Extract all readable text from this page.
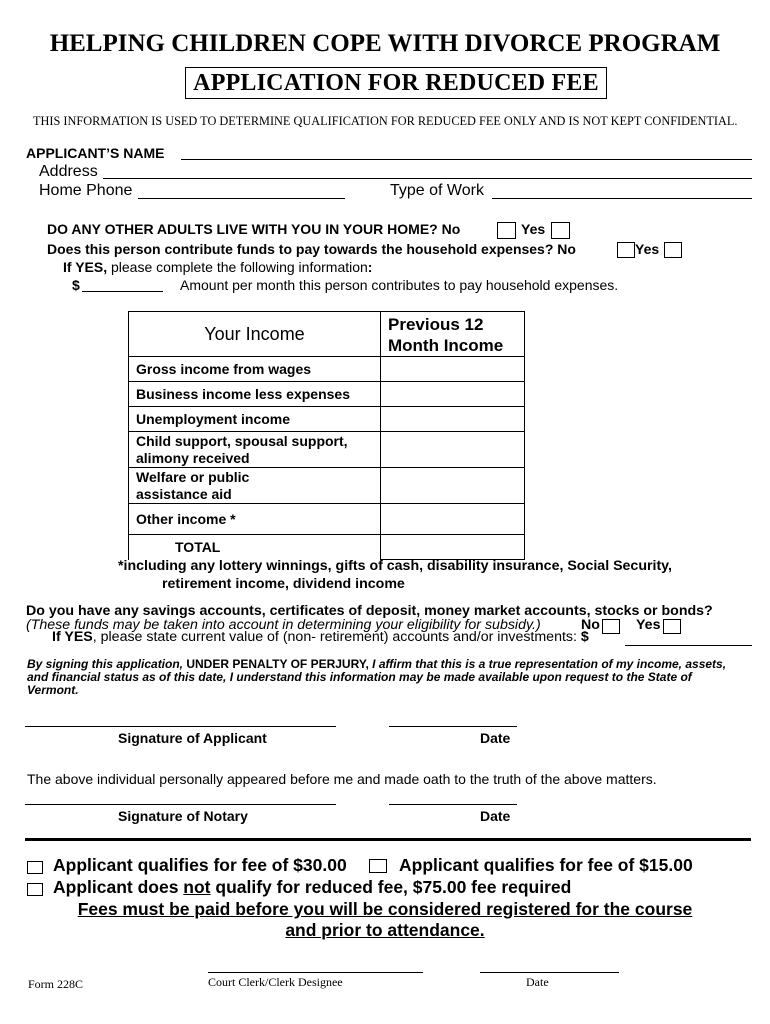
HELPING CHILDREN COPE WITH DIVORCE PROGRAM
APPLICATION FOR REDUCED FEE
THIS INFORMATION IS USED TO DETERMINE QUALIFICATION FOR REDUCED FEE ONLY AND IS NOT KEPT CONFIDENTIAL.
APPLICANT’S NAME
Address
Home Phone	Type of Work
DO ANY OTHER ADULTS LIVE WITH YOU IN YOUR HOME? No	Yes
Does this person contribute funds to pay towards the household expenses? No	Yes
If YES, please complete the following information:
$	Amount per month this person contributes to pay household expenses.
Your Income	Previous 12
Month Income
Gross income from wages	
Business income less expenses	
Unemployment income	
Child support, spousal support,
alimony received	
Welfare or public
assistance aid	
Other income *	
TOTAL	
*including any lottery winnings, gifts of cash, disability insurance, Social Security,
retirement income, dividend income
Do you have any savings accounts, certificates of deposit, money market accounts, stocks or bonds?
(These funds may be taken into account in determining your eligibility for subsidy.)	No	Yes
If YES, please state current value of (non- retirement) accounts and/or investments: $
By signing this application, UNDER PENALTY OF PERJURY, I affirm that this is a true representation of my income, assets,
and financial status as of this date, I understand this information may be made available upon request to the State of
Vermont.
Signature of Applicant	Date
The above individual personally appeared before me and made oath to the truth of the above matters.
Signature of Notary	Date
Applicant qualifies for fee of $30.00	Applicant qualifies for fee of $15.00
Applicant does not qualify for reduced fee, $75.00 fee required
Fees must be paid before you will be considered registered for the course
and prior to attendance.
Form 228C	Court Clerk/Clerk Designee	Date
